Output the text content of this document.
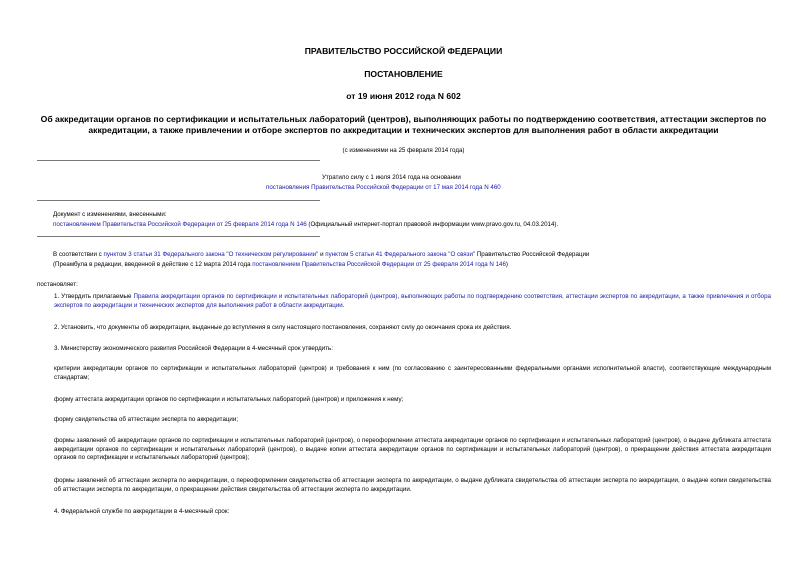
ПРАВИТЕЛЬСТВО РОССИЙСКОЙ ФЕДЕРАЦИИ
ПОСТАНОВЛЕНИЕ
от 19 июня 2012 года N 602
Об аккредитации органов по сертификации и испытательных лабораторий (центров), выполняющих работы по подтверждению соответствия, аттестации экспертов по аккредитации, а также привлечении и отборе экспертов по аккредитации и технических экспертов для выполнения работ в области аккредитации
(с изменениями на 25 февраля 2014 года)
Утратило силу с 1 июля 2014 года на основании
постановления Правительства Российской Федерации от 17 мая 2014 года N 460
Документ с изменениями, внесенными:
постановлением Правительства Российской Федерации от 25 февраля 2014 года N 146 (Официальный интернет-портал правовой информации www.pravo.gov.ru, 04.03.2014).
В соответствии с пунктом 3 статьи 31 Федерального закона "О техническом регулировании" и пунктом 5 статьи 41 Федерального закона "О связи" Правительство Российской Федерации
(Преамбула в редакции, введенной в действие с 12 марта 2014 года постановлением Правительства Российской Федерации от 25 февраля 2014 года N 146)
постановляет:
1. Утвердить прилагаемые Правила аккредитации органов по сертификации и испытательных лабораторий (центров), выполняющих работы по подтверждению соответствия, аттестации экспертов по аккредитации, а также привлечения и отбора экспертов по аккредитации и технических экспертов для выполнения работ в области аккредитации.
2. Установить, что документы об аккредитации, выданные до вступления в силу настоящего постановления, сохраняют силу до окончания срока их действия.
3. Министерству экономического развития Российской Федерации в 4-месячный срок утвердить:
критерии аккредитации органов по сертификации и испытательных лабораторий (центров) и требования к ним (по согласованию с заинтересованными федеральными органами исполнительной власти), соответствующие международным стандартам;
форму аттестата аккредитации органов по сертификации и испытательных лабораторий (центров) и приложения к нему;
форму свидетельства об аттестации эксперта по аккредитации;
формы заявлений об аккредитации органов по сертификации и испытательных лабораторий (центров), о переоформлении аттестата аккредитации органов по сертификации и испытательных лабораторий (центров), о выдаче дубликата аттестата аккредитации органов по сертификации и испытательных лабораторий (центров), о выдаче копии аттестата аккредитации органов по сертификации и испытательных лабораторий (центров), о прекращении действия аттестата аккредитации органов по сертификации и испытательных лабораторий (центров);
формы заявлений об аттестации эксперта по аккредитации, о переоформлении свидетельства об аттестации эксперта по аккредитации, о выдаче дубликата свидетельства об аттестации эксперта по аккредитации, о выдаче копии свидетельства об аттестации эксперта по аккредитации, о прекращении действия свидетельства об аттестации эксперта по аккредитации.
4. Федеральной службе по аккредитации в 4-месячный срок:
